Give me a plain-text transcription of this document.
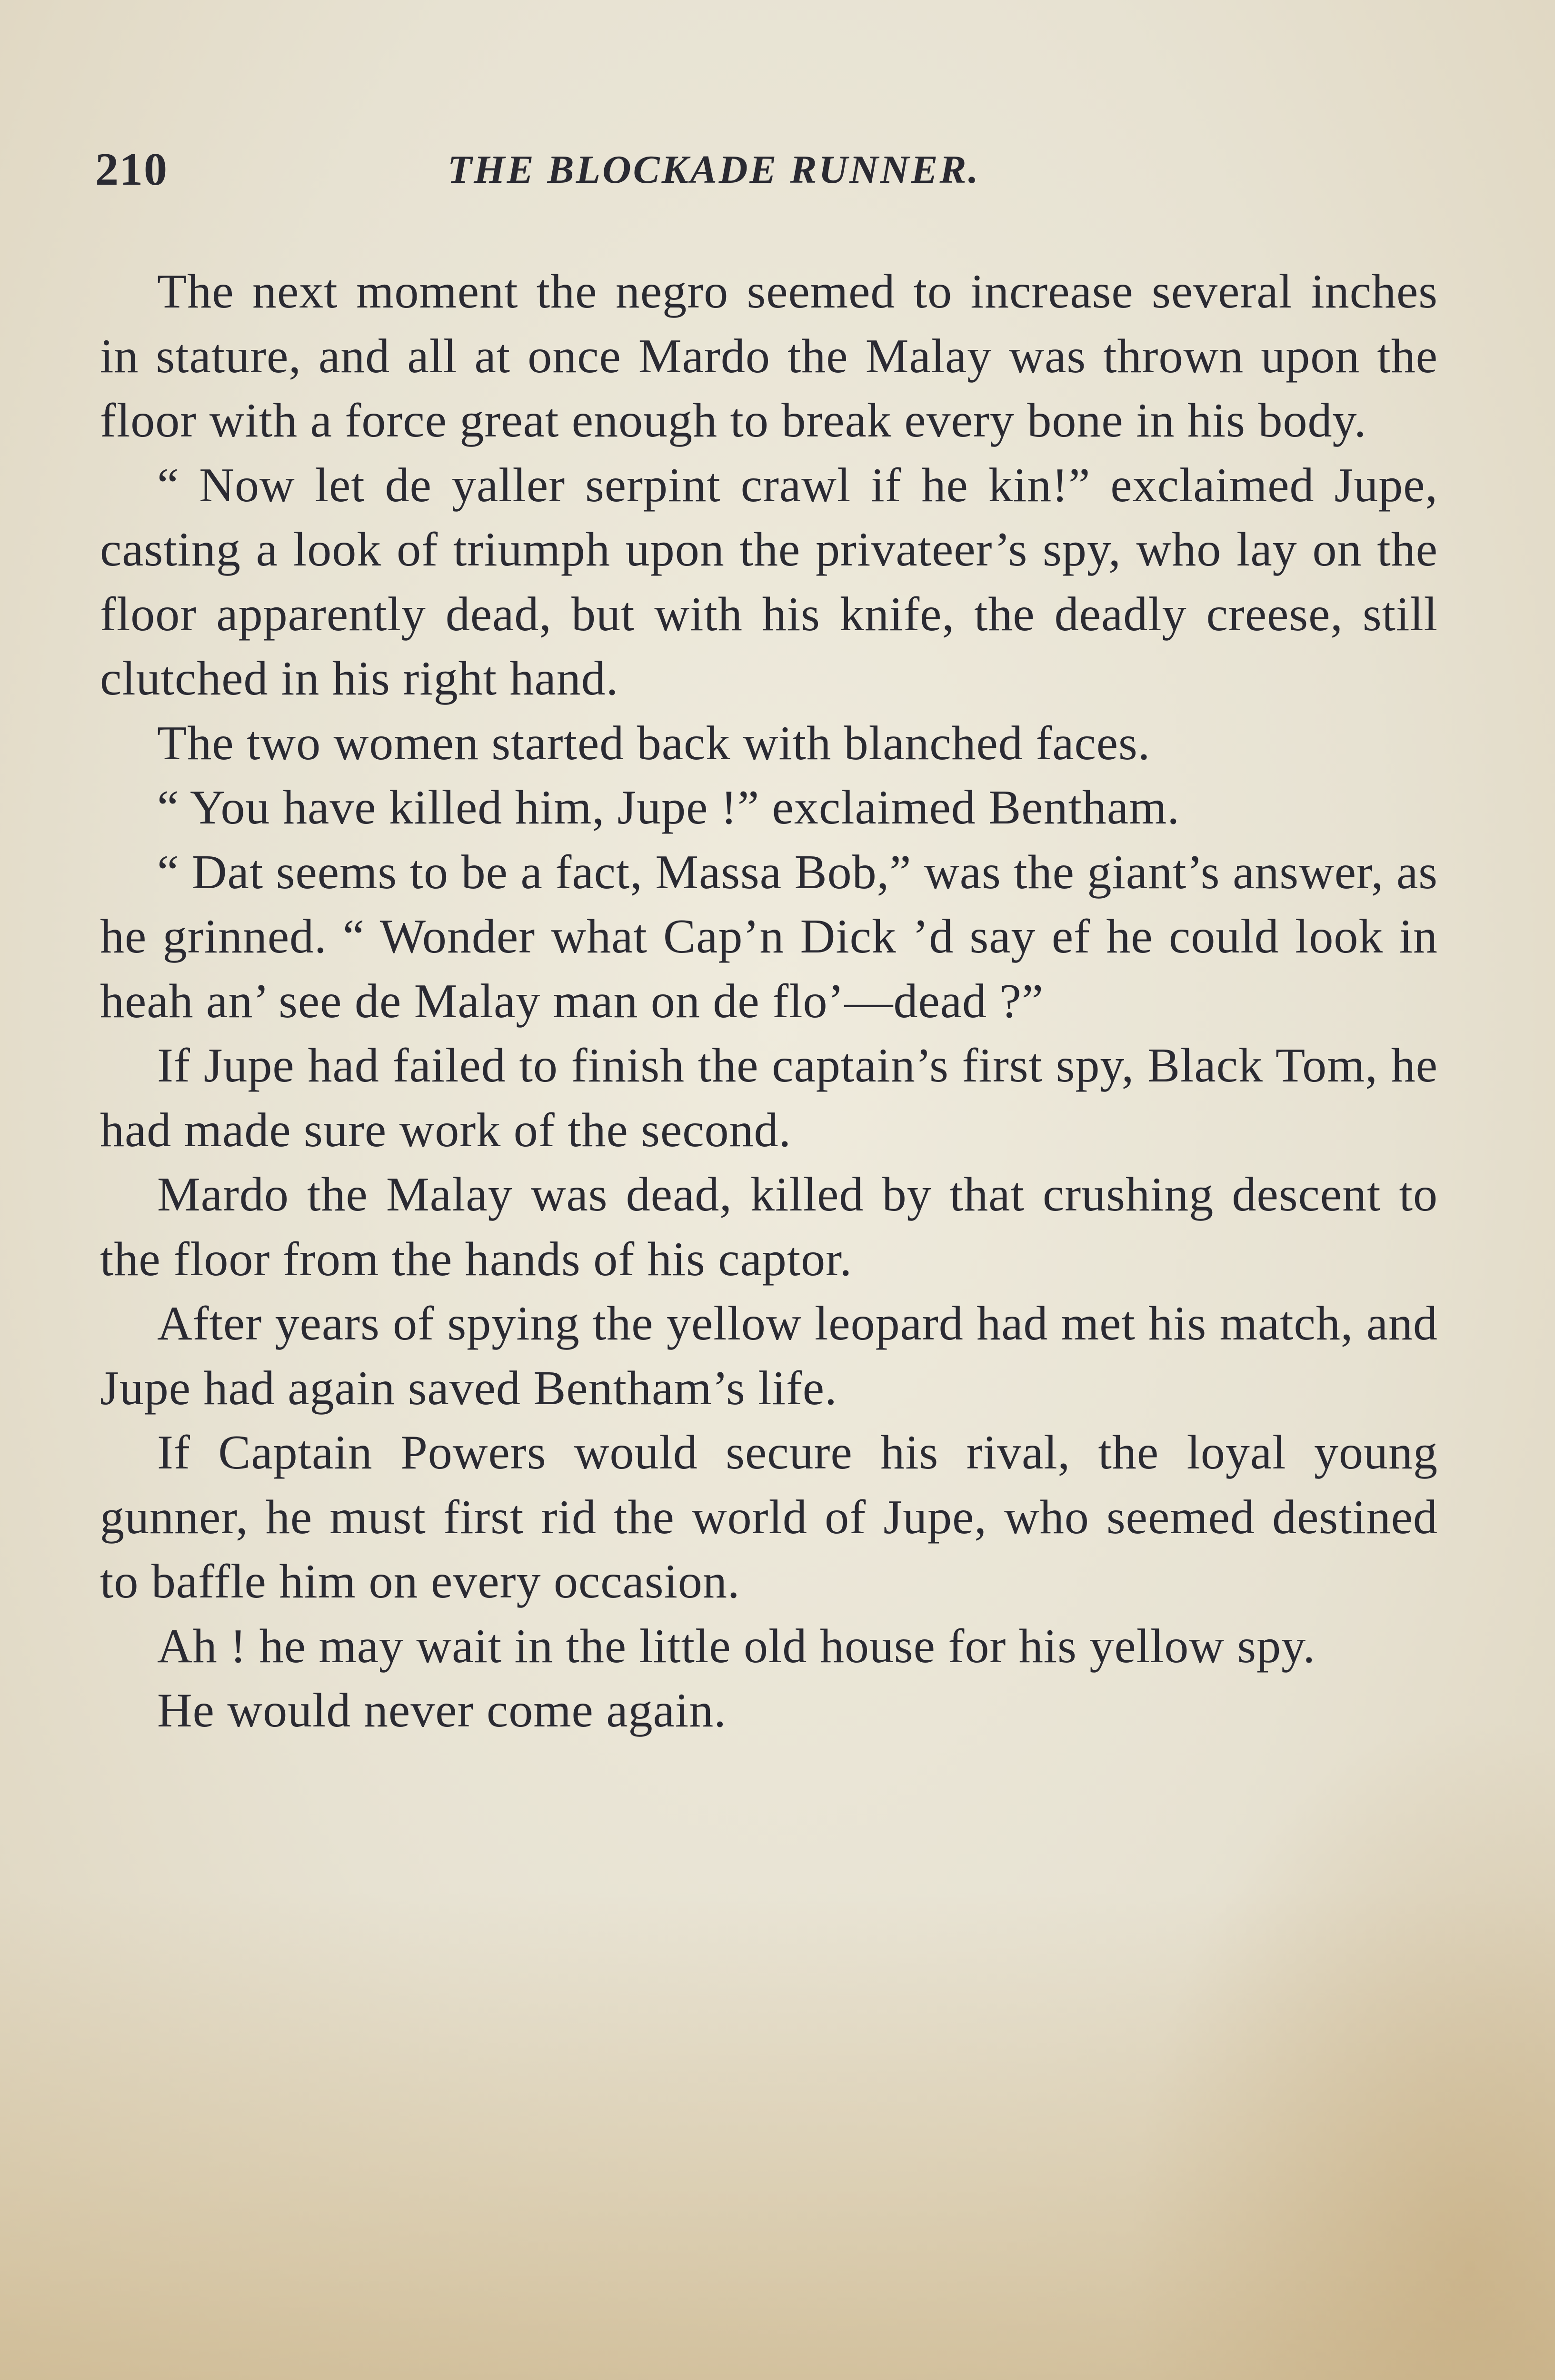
210	THE BLOCKADE RUNNER.

The next moment the negro seemed to increase several inches in stature, and all at once Mardo the Malay was thrown upon the floor with a force great enough to break every bone in his body.

“ Now let de yaller serpint crawl if he kin!” exclaimed Jupe, casting a look of triumph upon the privateer’s spy, who lay on the floor apparently dead, but with his knife, the deadly creese, still clutched in his right hand.

The two women started back with blanched faces.

“ You have killed him, Jupe !” exclaimed Bentham.

“ Dat seems to be a fact, Massa Bob,” was the giant’s answer, as he grinned. “ Wonder what Cap’n Dick ’d say ef he could look in heah an’ see de Malay man on de flo’—dead ?”

If Jupe had failed to finish the captain’s first spy, Black Tom, he had made sure work of the second.

Mardo the Malay was dead, killed by that crushing descent to the floor from the hands of his captor.

After years of spying the yellow leopard had met his match, and Jupe had again saved Bentham’s life.

If Captain Powers would secure his rival, the loyal young gunner, he must first rid the world of Jupe, who seemed destined to baffle him on every occasion.

Ah ! he may wait in the little old house for his yellow spy.

He would never come again.
